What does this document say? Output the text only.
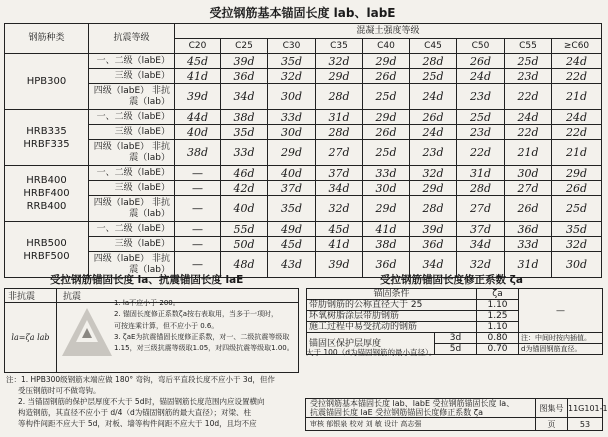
受拉钢筋基本锚固长度 lab、labE
钢筋种类	抗震等级	混凝土强度等级								
		C20	C25	C30	C35	C40	C45	C50	C55	≥C60
HPB300	一、二级（labE）	45d	39d	35d	32d	29d	28d	26d	25d	24d
	三级（labE）	41d	36d	32d	29d	26d	25d	24d	23d	22d
	四级（labE） 非抗震（lab）	39d	34d	30d	28d	25d	24d	23d	22d	21d
HRB335 HRBF335	一、二级（labE）	44d	38d	33d	31d	29d	26d	25d	24d	24d
	三级（labE）	40d	35d	30d	28d	26d	24d	23d	22d	22d
	四级（labE） 非抗震（lab）	38d	33d	29d	27d	25d	23d	22d	21d	21d
HRB400 HRBF400 RRB400	一、二级（labE）	—	46d	40d	37d	33d	32d	31d	30d	29d
	三级（labE）	—	42d	37d	34d	30d	29d	28d	27d	26d
	四级（labE） 非抗震（lab）	—	40d	35d	32d	29d	28d	27d	26d	25d
HRB500 HRBF500	一、二级（labE）	—	55d	49d	45d	41d	39d	37d	36d	35d
	三级（labE）	—	50d	45d	41d	38d	36d	34d	33d	32d
	四级（labE） 非抗震（lab）	—	48d	43d	39d	36d	34d	32d	31d	30d
受拉钢筋锚固长度 la、抗震锚固长度 laE
非抗震	抗震
la=ζa lab	
1. la不应小于 200。
2. 锚固长度修正系数ζa按右表取用，当多于一项时，
可按连乘计算，但不应小于 0.6。
3. ζaE为抗震锚固长度修正系数，对一、二级抗震等级取
1.15，对三级抗震等级取1.05，对四级抗震等级取1.00。
受拉钢筋锚固长度修正系数 ζa
锚固条件		ζa	—
带肋钢筋的公称直径大于 25		1.10	
环氧树脂涂层带肋钢筋		1.25	
施工过程中易受扰动的钢筋		1.10	
锚固区保护层厚度	3d	0.80	注：中间时按内插值。
	5d	0.70	d为锚固钢筋直径。
大于 100（d为锚固钢筋的最小直径）。
注：1. HPB300级钢筋末端应做 180° 弯钩，弯后平直段长度不应小于 3d，但作
受压钢筋时可不做弯钩。
2. 当锚固钢筋的保护层厚度不大于 5d时，锚固钢筋长度范围内应设置横向
构造钢筋，其直径不应小于 d/4（d为锚固钢筋的最大直径）；对梁、柱
等构件间距不应大于 5d，对板、墙等构件间距不应大于 10d，且均不应
受拉钢筋基本锚固长度 lab、labE 受拉钢筋锚固长度 la、
抗震锚固长度 laE 受拉钢筋锚固长度修正系数 ζa	图集号	11G101-1
审核 郁银泉 校对 刘 敏 设计 高志强	页	53
